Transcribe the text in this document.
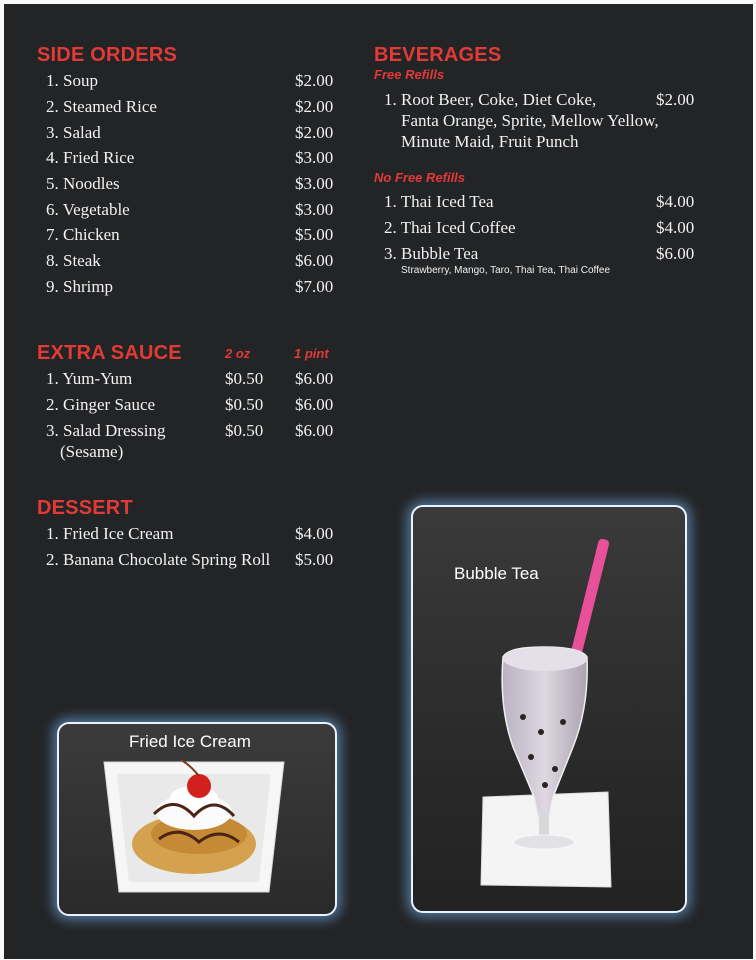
SIDE ORDERS
1. Soup	$2.00
2. Steamed Rice	$2.00
3. Salad	$2.00
4. Fried Rice	$3.00
5. Noodles	$3.00
6. Vegetable	$3.00
7. Chicken	$5.00
8. Steak	$6.00
9. Shrimp	$7.00
BEVERAGES
Free Refills
1. Root Beer, Coke, Diet Coke,	$2.00
Fanta Orange, Sprite, Mellow Yellow,
Minute Maid, Fruit Punch
No Free Refills
1. Thai Iced Tea	$4.00
2. Thai Iced Coffee	$4.00
3. Bubble Tea	$6.00
Strawberry, Mango, Taro, Thai Tea, Thai Coffee
EXTRA SAUCE	2 oz	1 pint
1. Yum-Yum	$0.50 $6.00
2. Ginger Sauce	$0.50 $6.00
3. Salad Dressing
(Sesame)
$0.50 $6.00
DESSERT
1. Fried Ice Cream	$4.00
2. Banana Chocolate Spring Roll $5.00
Bubble Tea
Fried Ice Cream
